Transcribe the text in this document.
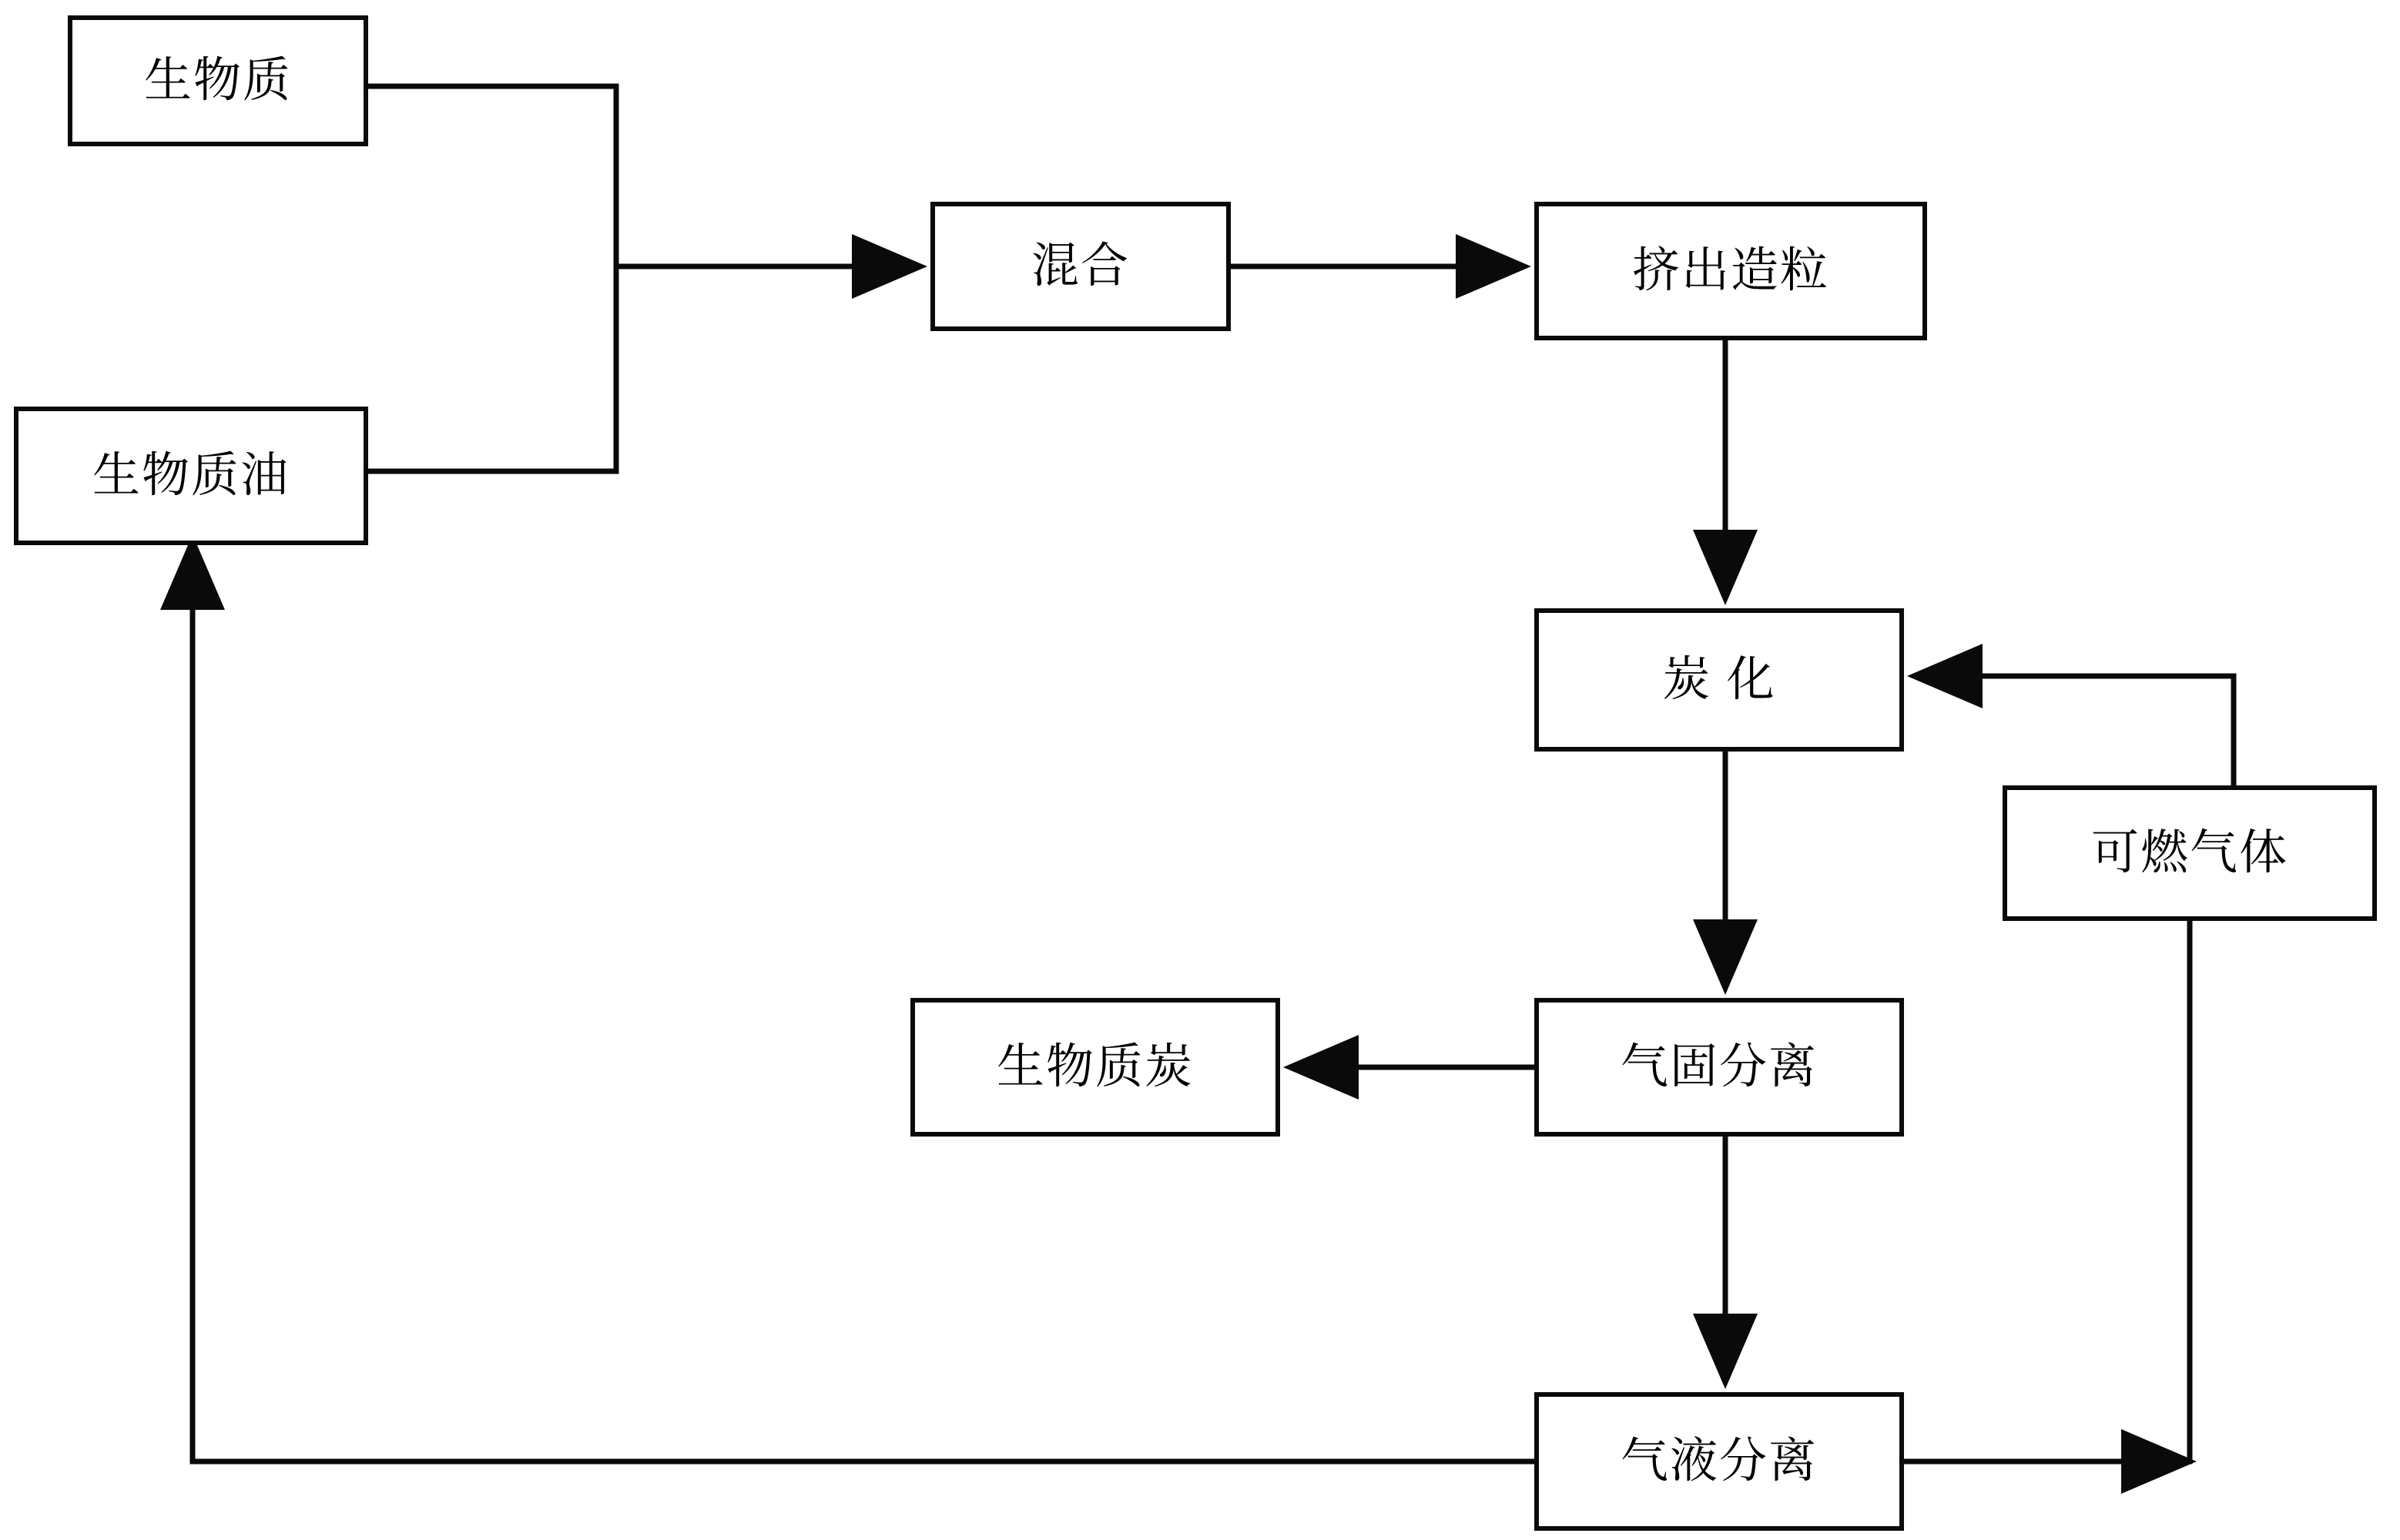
生物质
生物质油
混合	挤出造粒
炭 化
可燃气体
气固分离
生物质炭
气液分离
